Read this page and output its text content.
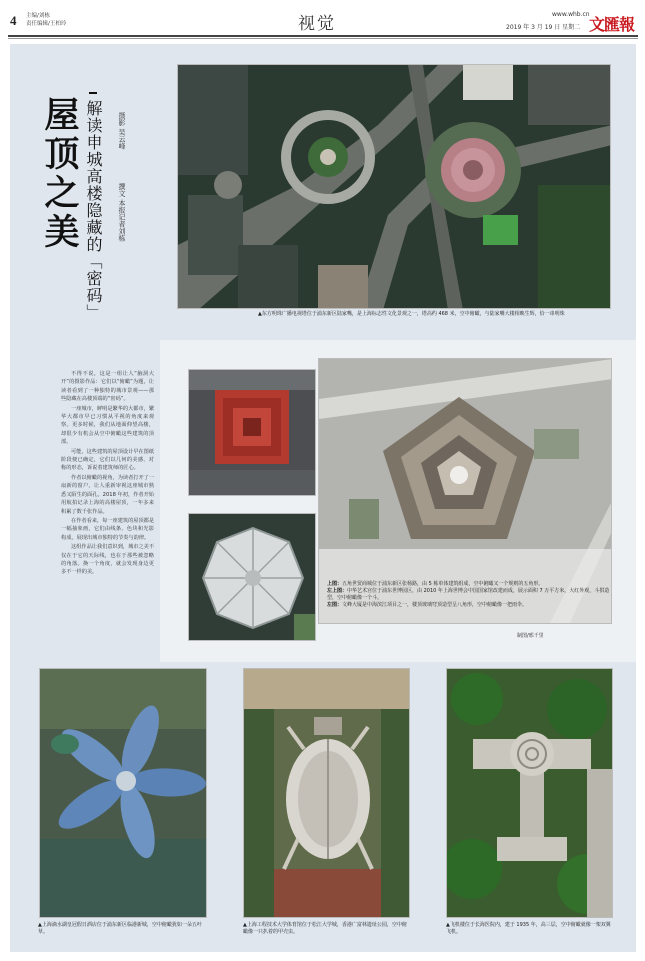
4 主编/刘栋
责任编辑/王柏玲	视觉	www.whb.cn
2019 年 3 月 19 日 星期二 文匯報
屋顶之美 解读申城高楼隐藏的「密码」 摄影 吴云峰
撰文 本报记者刘栋
▲东方明珠广播电视塔位于浦东新区陆家嘴，是上海标志性文化景观之一，塔高约 468 米，空中俯瞰，与陆家嘴大楼相映生辉，恰一串明珠

不得不说，这是一组让人“脑洞大开”的摄影作品：它们以“俯瞰”为题，让读者看到了一种独特的城市景观——那些隐藏在高楼顶端的“密码”。

一座城市，鲜明是繁华的大都市，繁华大都市早已习惯从平视的角度来观察。更多时候，我们从地面仰望高楼，却很少有机会从空中俯瞰这些建筑的顶部。

可能，这些建筑的屋顶设计早在图纸阶段便已确定，它们以几何的美感、对称的形态，诉说着建筑师的匠心。

作者以俯瞰的视角，为读者打开了一扇新的窗户，让人重新审视这座城市熟悉又陌生的面孔。2018 年初，作者开始用航拍记录上海的高楼屋顶，一年多来积累了数千张作品。

在作者看来，每一座建筑的屋顶都是一幅抽象画，它们由线条、色块和光影构成，展现出城市独特的节奏与韵律。

这组作品让我们意识到，城市之美不仅在于它的天际线，也在于那些被忽略的角落。换一个角度，就会发现身边更多不一样的美。

上图：五角世贸商城位于浦东新区张杨路，由 5 栋单体建筑组成，空中俯瞰又一个规则的五角形。
左上图：中华艺术宫位于浦东世博园区，由 2010 年上海世博会中国国家馆改建而成，展示面积 7 万平方米，大红外观，斗拱造型，空中俯瞰像一个斗。
左图：文峰大厦是中海滨江项目之一，楼顶玻璃穹顶造型呈八角形，空中俯瞰像一把雨伞。
制图/邢千里
▲上海滴水湖皇冠假日酒店位于浦东新区临港新城，空中俯瞰犹如一朵五叶草。
▲上海工程技术大学体育馆位于松江大学城，香港广富林遗址公园，空中俯瞰像一只扒着的甲壳虫。
▲飞机楼位于长海医院内，建于 1935 年，高三层，空中俯瞰就像一架双翼飞机。
